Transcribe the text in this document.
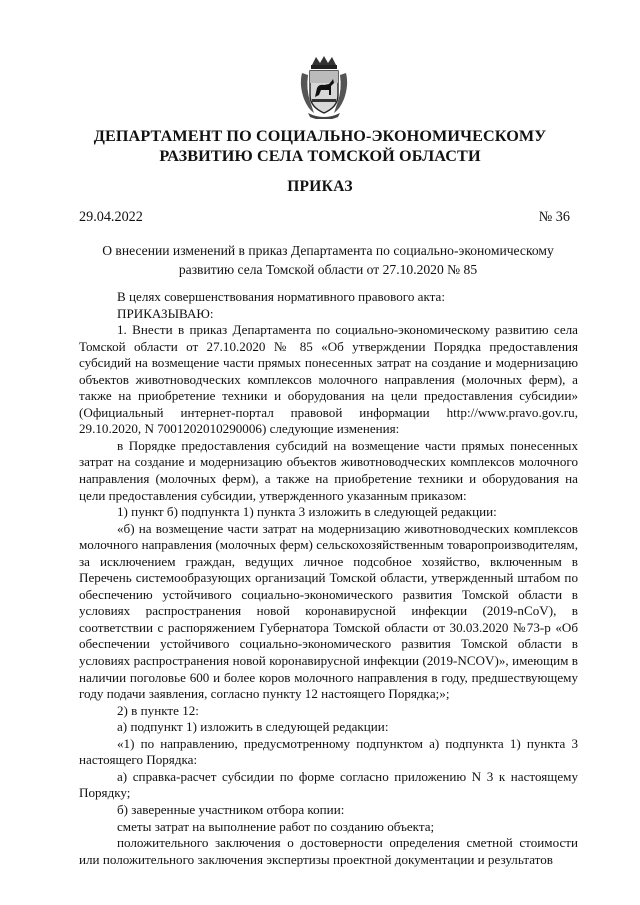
ДЕПАРТАМЕНТ ПО СОЦИАЛЬНО-ЭКОНОМИЧЕСКОМУ
РАЗВИТИЮ СЕЛА ТОМСКОЙ ОБЛАСТИ
ПРИКАЗ
29.04.2022	№ 36
О внесении изменений в приказ Департамента по социально-экономическому
развитию села Томской области от 27.10.2020 № 85

В целях совершенствования нормативного правового акта:

ПРИКАЗЫВАЮ:

1. Внести в приказ Департамента по социально-экономическому развитию села Томской области от 27.10.2020 № 85 «Об утверждении Порядка предоставления субсидий на возмещение части прямых понесенных затрат на создание и модернизацию объектов животноводческих комплексов молочного направления (молочных ферм), а также на приобретение техники и оборудования на цели предоставления субсидии» (Официальный интернет-портал правовой информации http://www.pravo.gov.ru, 29.10.2020, N 7001202010290006) следующие изменения:

в Порядке предоставления субсидий на возмещение части прямых понесенных затрат на создание и модернизацию объектов животноводческих комплексов молочного направления (молочных ферм), а также на приобретение техники и оборудования на цели предоставления субсидии, утвержденного указанным приказом:

1) пункт б) подпункта 1) пункта 3 изложить в следующей редакции:

«б) на возмещение части затрат на модернизацию животноводческих комплексов молочного направления (молочных ферм) сельскохозяйственным товаропроизводителям, за исключением граждан, ведущих личное подсобное хозяйство, включенным в Перечень системообразующих организаций Томской области, утвержденный штабом по обеспечению устойчивого социально-экономического развития Томской области в условиях распространения новой коронавирусной инфекции (2019-nCoV), в соответствии с распоряжением Губернатора Томской области от 30.03.2020 №73-р «Об обеспечении устойчивого социально-экономического развития Томской области в условиях распространения новой коронавирусной инфекции (2019-NCOV)», имеющим в наличии поголовье 600 и более коров молочного направления в году, предшествующему году подачи заявления, согласно пункту 12 настоящего Порядка;»;

2) в пункте 12:

а) подпункт 1) изложить в следующей редакции:

«1) по направлению, предусмотренному подпунктом а) подпункта 1) пункта 3 настоящего Порядка:

а) справка-расчет субсидии по форме согласно приложению N 3 к настоящему Порядку;

б) заверенные участником отбора копии:

сметы затрат на выполнение работ по созданию объекта;

положительного заключения о достоверности определения сметной стоимости или положительного заключения экспертизы проектной документации и результатов
